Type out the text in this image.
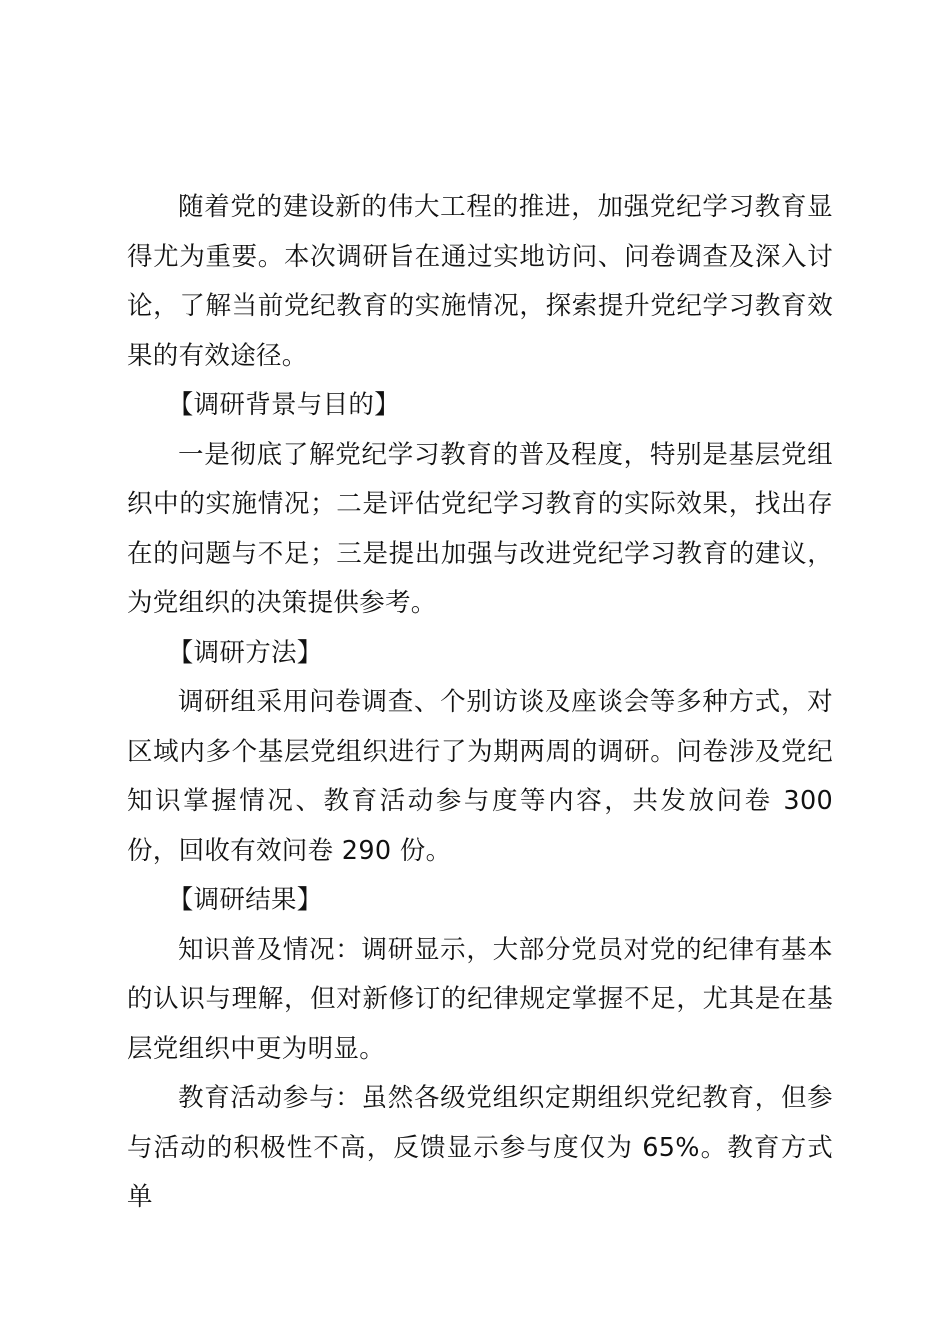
随着党的建设新的伟大工程的推进，加强党纪学习教育显得尤为重要。本次调研旨在通过实地访问、问卷调查及深入讨论，了解当前党纪教育的实施情况，探索提升党纪学习教育效果的有效途径。

【调研背景与目的】

一是彻底了解党纪学习教育的普及程度，特别是基层党组织中的实施情况；二是评估党纪学习教育的实际效果，找出存在的问题与不足；三是提出加强与改进党纪学习教育的建议，为党组织的决策提供参考。

【调研方法】

调研组采用问卷调查、个别访谈及座谈会等多种方式，对区域内多个基层党组织进行了为期两周的调研。问卷涉及党纪知识掌握情况、教育活动参与度等内容，共发放问卷 300 份，回收有效问卷 290 份。

【调研结果】

知识普及情况：调研显示，大部分党员对党的纪律有基本的认识与理解，但对新修订的纪律规定掌握不足，尤其是在基层党组织中更为明显。

教育活动参与：虽然各级党组织定期组织党纪教育，但参与活动的积极性不高，反馈显示参与度仅为 65%。教育方式单
